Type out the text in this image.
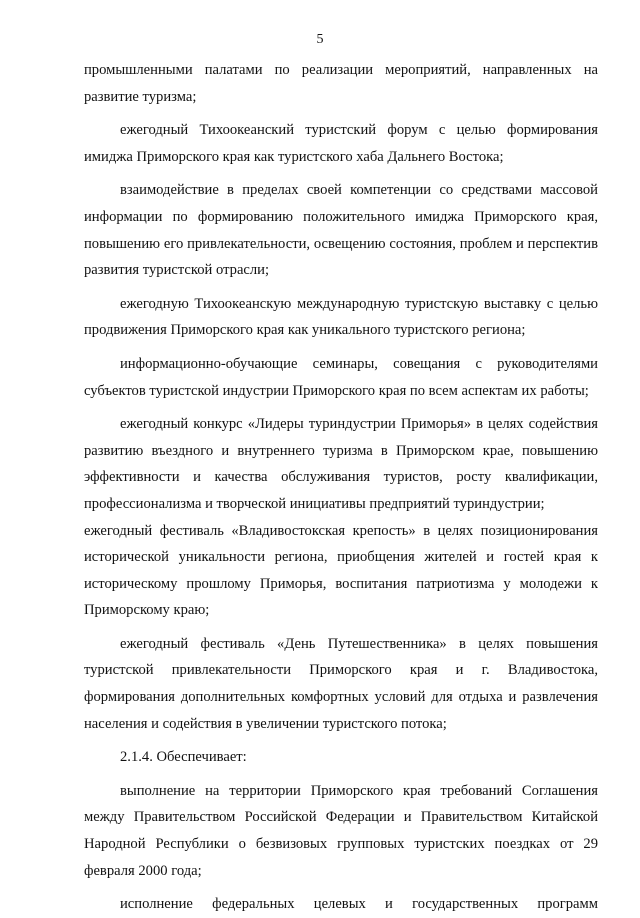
5

промышленными палатами по реализации мероприятий, направленных на развитие туризма;

ежегодный Тихоокеанский туристский форум с целью формирования имиджа Приморского края как туристского хаба Дальнего Востока;

взаимодействие в пределах своей компетенции со средствами массовой информации по формированию положительного имиджа Приморского края, повышению его привлекательности, освещению состояния, проблем и перспектив развития туристской отрасли;

ежегодную Тихоокеанскую международную туристскую выставку с целью продвижения Приморского края как уникального туристского региона;

информационно-обучающие семинары, совещания с руководителями субъектов туристской индустрии Приморского края по всем аспектам их работы;

ежегодный конкурс «Лидеры туриндустрии Приморья» в целях содействия развитию въездного и внутреннего туризма в Приморском крае, повышению эффективности и качества обслуживания туристов, росту квалификации, профессионализма и творческой инициативы предприятий туриндустрии;

ежегодный фестиваль «Владивостокская крепость» в целях позиционирования исторической уникальности региона, приобщения жителей и гостей края к историческому прошлому Приморья, воспитания патриотизма у молодежи к Приморскому краю;

ежегодный фестиваль «День Путешественника» в целях повышения туристской привлекательности Приморского края и г. Владивостока, формирования дополнительных комфортных условий для отдыха и развлечения населения и содействия в увеличении туристского потока;

2.1.4. Обеспечивает:

выполнение на территории Приморского края требований Соглашения между Правительством Российской Федерации и Правительством Китайской Народной Республики о безвизовых групповых туристских поездках от 29 февраля 2000 года;

исполнение федеральных целевых и государственных программ
